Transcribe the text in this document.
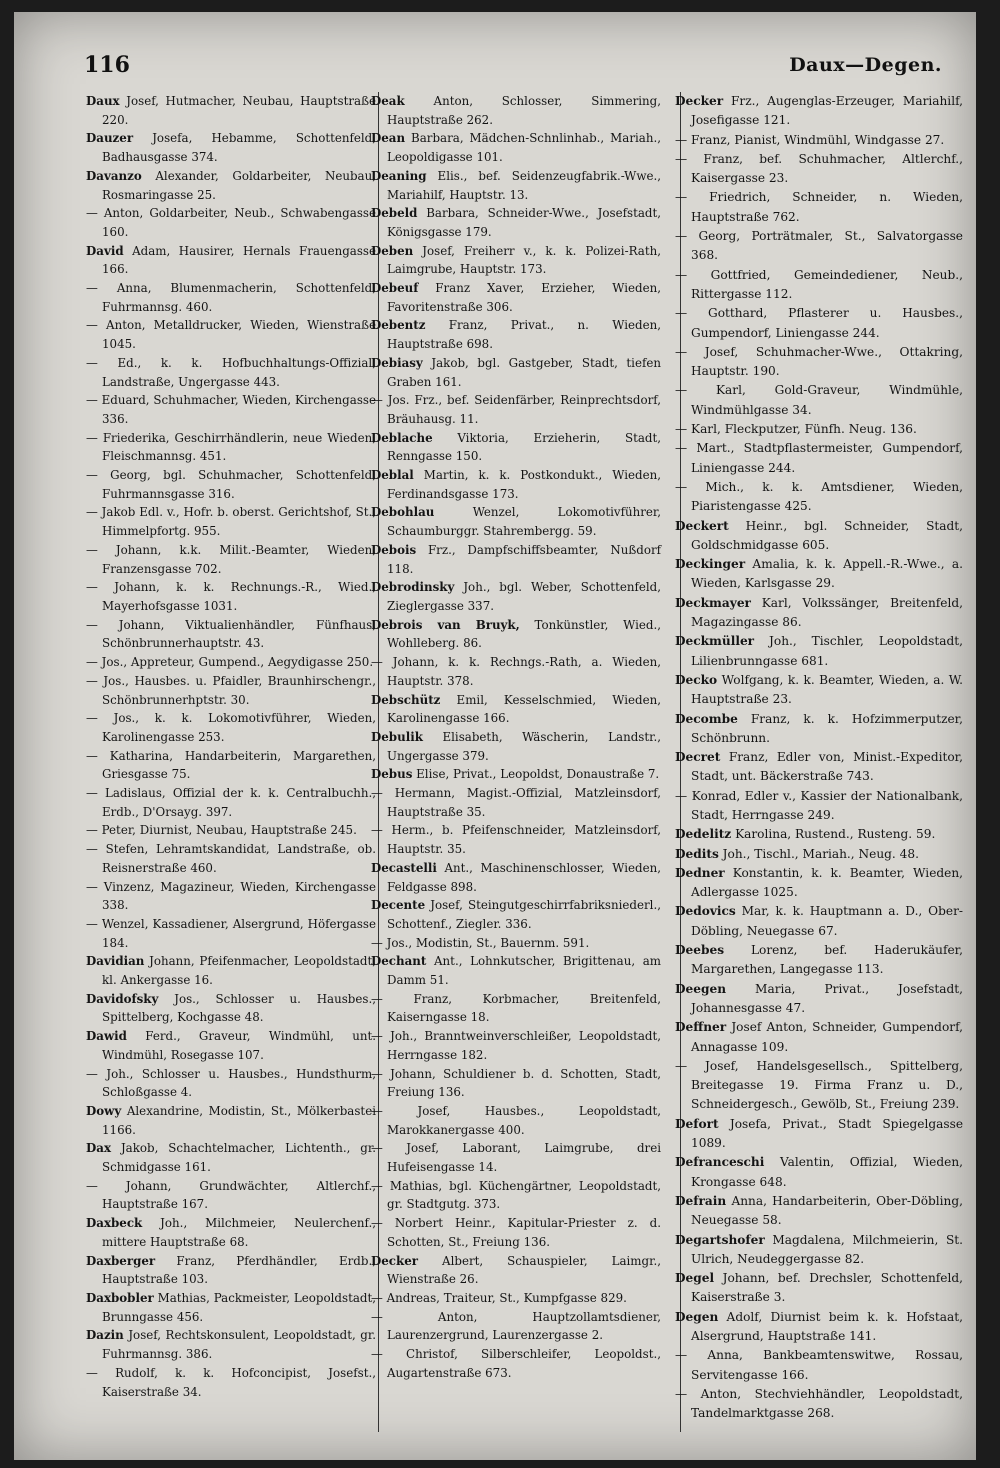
116	Daux—Degen.
Daux Josef, Hutmacher, Neubau, Hauptstraße 220.
Dauzer Josefa, Hebamme, Schottenfeld, Badhausgasse 374.
Davanzo Alexander, Goldarbeiter, Neubau, Rosmaringasse 25.
— Anton, Goldarbeiter, Neub., Schwabengasse 160.
David Adam, Hausirer, Hernals Frauengasse 166.
— Anna, Blumenmacherin, Schottenfeld, Fuhrmannsg. 460.
— Anton, Metalldrucker, Wieden, Wienstraße 1045.
— Ed., k. k. Hofbuchhaltungs-Offizial, Landstraße, Ungergasse 443.
— Eduard, Schuhmacher, Wieden, Kirchengasse 336.
— Friederika, Geschirrhändlerin, neue Wieden, Fleischmannsg. 451.
— Georg, bgl. Schuhmacher, Schottenfeld, Fuhrmannsgasse 316.
— Jakob Edl. v., Hofr. b. oberst. Gerichtshof, St., Himmelpfortg. 955.
— Johann, k.k. Milit.-Beamter, Wieden, Franzensgasse 702.
— Johann, k. k. Rechnungs.-R., Wied., Mayerhofsgasse 1031.
— Johann, Viktualienhändler, Fünfhaus, Schönbrunnerhauptstr. 43.
— Jos., Appreteur, Gumpend., Aegydigasse 250.
— Jos., Hausbes. u. Pfaidler, Braunhirschengr., Schönbrunnerhptstr. 30.
— Jos., k. k. Lokomotivführer, Wieden, Karolinengasse 253.
— Katharina, Handarbeiterin, Margarethen, Griesgasse 75.
— Ladislaus, Offizial der k. k. Centralbuchh., Erdb., D'Orsayg. 397.
— Peter, Diurnist, Neubau, Hauptstraße 245.
— Stefen, Lehramtskandidat, Landstraße, ob. Reisnerstraße 460.
— Vinzenz, Magazineur, Wieden, Kirchengasse 338.
— Wenzel, Kassadiener, Alsergrund, Höfergasse 184.
Davidian Johann, Pfeifenmacher, Leopoldstadt, kl. Ankergasse 16.
Davidofsky Jos., Schlosser u. Hausbes., Spittelberg, Kochgasse 48.
Dawid Ferd., Graveur, Windmühl, unt. Windmühl, Rosegasse 107.
— Joh., Schlosser u. Hausbes., Hundsthurm, Schloßgasse 4.
Dowy Alexandrine, Modistin, St., Mölkerbastei 1166.
Dax Jakob, Schachtelmacher, Lichtenth., gr. Schmidgasse 161.
— Johann, Grundwächter, Altlerchf., Hauptstraße 167.
Daxbeck Joh., Milchmeier, Neulerchenf., mittere Hauptstraße 68.
Daxberger Franz, Pferdhändler, Erdb., Hauptstraße 103.
Daxbobler Mathias, Packmeister, Leopoldstadt, Brunngasse 456.
Dazin Josef, Rechtskonsulent, Leopoldstadt, gr. Fuhrmannsg. 386.
— Rudolf, k. k. Hofconcipist, Josefst., Kaiserstraße 34.
Deak Anton, Schlosser, Simmering, Hauptstraße 262.
Dean Barbara, Mädchen-Schnlinhab., Mariah., Leopoldigasse 101.
Deaning Elis., bef. Seidenzeugfabrik.-Wwe., Mariahilf, Hauptstr. 13.
Debeld Barbara, Schneider-Wwe., Josefstadt, Königsgasse 179.
Deben Josef, Freiherr v., k. k. Polizei-Rath, Laimgrube, Hauptstr. 173.
Debeuf Franz Xaver, Erzieher, Wieden, Favoritenstraße 306.
Debentz Franz, Privat., n. Wieden, Hauptstraße 698.
Debiasy Jakob, bgl. Gastgeber, Stadt, tiefen Graben 161.
— Jos. Frz., bef. Seidenfärber, Reinprechtsdorf, Bräuhausg. 11.
Deblache Viktoria, Erzieherin, Stadt, Renngasse 150.
Deblal Martin, k. k. Postkondukt., Wieden, Ferdinandsgasse 173.
Debohlau	Wenzel, Lokomotivführer, Schaumburggr. Stahrembergg. 59.
Debois Frz., Dampfschiffsbeamter, Nußdorf 118.
Debrodinsky Joh., bgl. Weber, Schottenfeld, Zieglergasse 337.
Debrois van Bruyk, Tonkünstler, Wied., Wohlleberg. 86.
— Johann, k. k. Rechngs.-Rath, a. Wieden, Hauptstr. 378.
Debschütz Emil, Kesselschmied, Wieden, Karolinengasse 166.
Debulik Elisabeth, Wäscherin, Landstr., Ungergasse 379.
Debus Elise, Privat., Leopoldst, Donaustraße 7.
— Hermann, Magist.-Offizial, Matzleinsdorf, Hauptstraße 35.
— Herm., b. Pfeifenschneider, Matzleinsdorf, Hauptstr. 35.
Decastelli Ant., Maschinenschlosser, Wieden, Feldgasse 898.
Decente Josef, Steingutgeschirrfabriksniederl., Schottenf., Ziegler. 336.
— Jos., Modistin, St., Bauernm. 591.
Dechant Ant., Lohnkutscher, Brigittenau, am Damm 51.
— Franz, Korbmacher, Breitenfeld, Kaiserngasse 18.
— Joh., Branntweinverschleißer, Leopoldstadt, Herrngasse 182.
— Johann, Schuldiener b. d. Schotten, Stadt, Freiung 136.
— Josef, Hausbes., Leopoldstadt, Marokkanergasse 400.
— Josef, Laborant, Laimgrube, drei Hufeisengasse 14.
— Mathias, bgl. Küchengärtner, Leopoldstadt, gr. Stadtgutg. 373.
— Norbert Heinr., Kapitular-Priester z. d. Schotten, St., Freiung 136.
Decker Albert, Schauspieler, Laimgr., Wienstraße 26.
— Andreas, Traiteur, St., Kumpfgasse 829.
— Anton, Hauptzollamtsdiener, Laurenzergrund, Laurenzergasse 2.
— Christof, Silberschleifer, Leopoldst., Augartenstraße 673.
Decker Frz., Augenglas-Erzeuger, Mariahilf, Josefigasse 121.
— Franz, Pianist, Windmühl, Windgasse 27.
— Franz, bef. Schuhmacher, Altlerchf., Kaisergasse 23.
— Friedrich, Schneider, n. Wieden, Hauptstraße 762.
— Georg, Porträtmaler, St., Salvatorgasse 368.
— Gottfried, Gemeindediener, Neub., Rittergasse 112.
— Gotthard, Pflasterer u. Hausbes., Gumpendorf, Liniengasse 244.
— Josef, Schuhmacher-Wwe., Ottakring, Hauptstr. 190.
— Karl, Gold-Graveur, Windmühle, Windmühlgasse 34.
— Karl, Fleckputzer, Fünfh. Neug. 136.
— Mart., Stadtpflastermeister, Gumpendorf, Liniengasse 244.
— Mich., k. k. Amtsdiener, Wieden, Piaristengasse 425.
Deckert Heinr., bgl. Schneider, Stadt, Goldschmidgasse 605.
Deckinger Amalia, k. k. Appell.-R.-Wwe., a. Wieden, Karlsgasse 29.
Deckmayer Karl, Volkssänger, Breitenfeld, Magazingasse 86.
Deckmüller Joh., Tischler, Leopoldstadt, Lilienbrunngasse 681.
Decko Wolfgang, k. k. Beamter, Wieden, a. W. Hauptstraße 23.
Decombe Franz, k. k. Hofzimmerputzer, Schönbrunn.
Decret Franz, Edler von, Minist.-Expeditor, Stadt, unt. Bäckerstraße 743.
— Konrad, Edler v., Kassier der Nationalbank, Stadt, Herrngasse 249.
Dedelitz Karolina, Rustend., Rusteng. 59.
Dedits Joh., Tischl., Mariah., Neug. 48.
Dedner Konstantin, k. k. Beamter, Wieden, Adlergasse 1025.
Dedovics Mar, k. k. Hauptmann a. D., Ober-Döbling, Neuegasse 67.
Deebes Lorenz, bef. Haderukäufer, Margarethen, Langegasse 113.
Deegen Maria, Privat., Josefstadt, Johannesgasse 47.
Deffner Josef Anton, Schneider, Gumpendorf, Annagasse 109.
— Josef, Handelsgesellsch., Spittelberg, Breitegasse 19. Firma Franz u. D., Schneidergesch., Gewölb, St., Freiung 239.
Defort Josefa, Privat., Stadt Spiegelgasse 1089.
Defranceschi Valentin, Offizial, Wieden, Krongasse 648.
Defrain Anna, Handarbeiterin, Ober-Döbling, Neuegasse 58.
Degartshofer Magdalena, Milchmeierin, St. Ulrich, Neudeggergasse 82.
Degel Johann, bef. Drechsler, Schottenfeld, Kaiserstraße 3.
Degen Adolf, Diurnist beim k. k. Hofstaat, Alsergrund, Hauptstraße 141.
— Anna, Bankbeamtenswitwe, Rossau, Servitengasse 166.
— Anton, Stechviehhändler, Leopoldstadt, Tandelmarktgasse 268.
